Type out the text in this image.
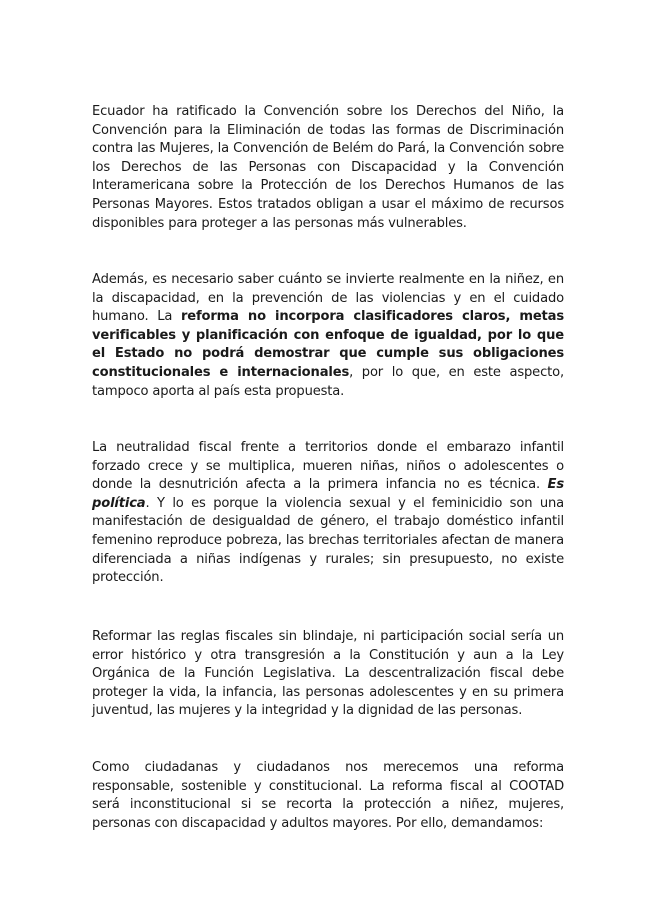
Ecuador ha ratificado la Convención sobre los Derechos del Niño, la Convención para la Eliminación de todas las formas de Discriminación contra las Mujeres, la Convención de Belém do Pará, la Convención sobre los Derechos de las Personas con Discapacidad y la Convención Interamericana sobre la Protección de los Derechos Humanos de las Personas Mayores. Estos tratados obligan a usar el máximo de recursos disponibles para proteger a las personas más vulnerables.

Además, es necesario saber cuánto se invierte realmente en la niñez, en la discapacidad, en la prevención de las violencias y en el cuidado humano. La reforma no incorpora clasificadores claros, metas verificables y planificación con enfoque de igualdad, por lo que el Estado no podrá demostrar que cumple sus obligaciones constitucionales e internacionales, por lo que, en este aspecto, tampoco aporta al país esta propuesta.

La neutralidad fiscal frente a territorios donde el embarazo infantil forzado crece y se multiplica, mueren niñas, niños o adolescentes o donde la desnutrición afecta a la primera infancia no es técnica. Es política. Y lo es porque la violencia sexual y el feminicidio son una manifestación de desigualdad de género, el trabajo doméstico infantil femenino reproduce pobreza, las brechas territoriales afectan de manera diferenciada a niñas indígenas y rurales; sin presupuesto, no existe protección.

Reformar las reglas fiscales sin blindaje, ni participación social sería un error histórico y otra transgresión a la Constitución y aun a la Ley Orgánica de la Función Legislativa. La descentralización fiscal debe proteger la vida, la infancia, las personas adolescentes y en su primera juventud, las mujeres y la integridad y la dignidad de las personas.

Como ciudadanas y ciudadanos nos merecemos una reforma responsable, sostenible y constitucional. La reforma fiscal al COOTAD será inconstitucional si se recorta la protección a niñez, mujeres, personas con discapacidad y adultos mayores. Por ello, demandamos:
